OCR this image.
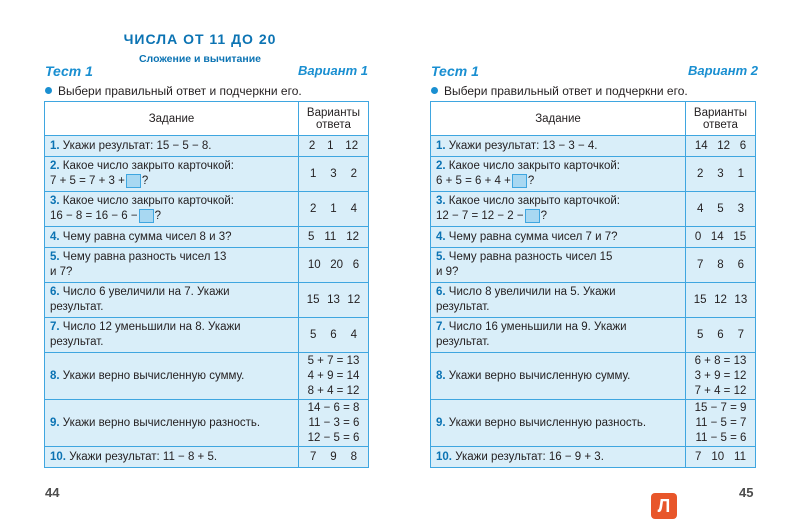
ЧИСЛА ОТ 11 ДО 20
Сложение и вычитание
Тест 1	Вариант 1
Выбери правильный ответ и подчеркни его.
Задание	Варианты
ответа

1. Укажи результат: 15 − 5 − 8.	2 1 12

2. Какое число закрыто карточкой:
7 + 5 = 7 + 3 + ?	1 3 2

3. Какое число закрыто карточкой:
16 − 8 = 16 − 6 − ?	2 1 4

4. Чему равна сумма чисел 8 и 3?	5 11 12

5. Чему равна разность чисел 13
и 7?	10 20 6

6. Число 6 увеличили на 7. Укажи
результат.	15 13 12

7. Число 12 уменьшили на 8. Укажи
результат.	5 6 4

8. Укажи верно вычисленную сумму.	5 + 7 = 13
4 + 9 = 14
8 + 4 = 12

9. Укажи верно вычисленную разность.	14 − 6 = 8
11 − 3 = 6
12 − 5 = 6

10. Укажи результат: 11 − 8 + 5.	7 9 8
44
Тест 1	Вариант 2
Выбери правильный ответ и подчеркни его.
Задание	Варианты
ответа

1. Укажи результат: 13 − 3 − 4.	14 12 6

2. Какое число закрыто карточкой:
6 + 5 = 6 + 4 + ?	2 3 1

3. Какое число закрыто карточкой:
12 − 7 = 12 − 2 − ?	4 5 3

4. Чему равна сумма чисел 7 и 7?	0 14 15

5. Чему равна разность чисел 15
и 9?	7 8 6

6. Число 8 увеличили на 5. Укажи
результат.	15 12 13

7. Число 16 уменьшили на 9. Укажи
результат.	5 6 7

8. Укажи верно вычисленную сумму.	6 + 8 = 13
3 + 9 = 12
7 + 4 = 12

9. Укажи верно вычисленную разность.	15 − 7 = 9
11 − 5 = 7
11 − 5 = 6

10. Укажи результат: 16 − 9 + 3.	7 10 11
45
Л
